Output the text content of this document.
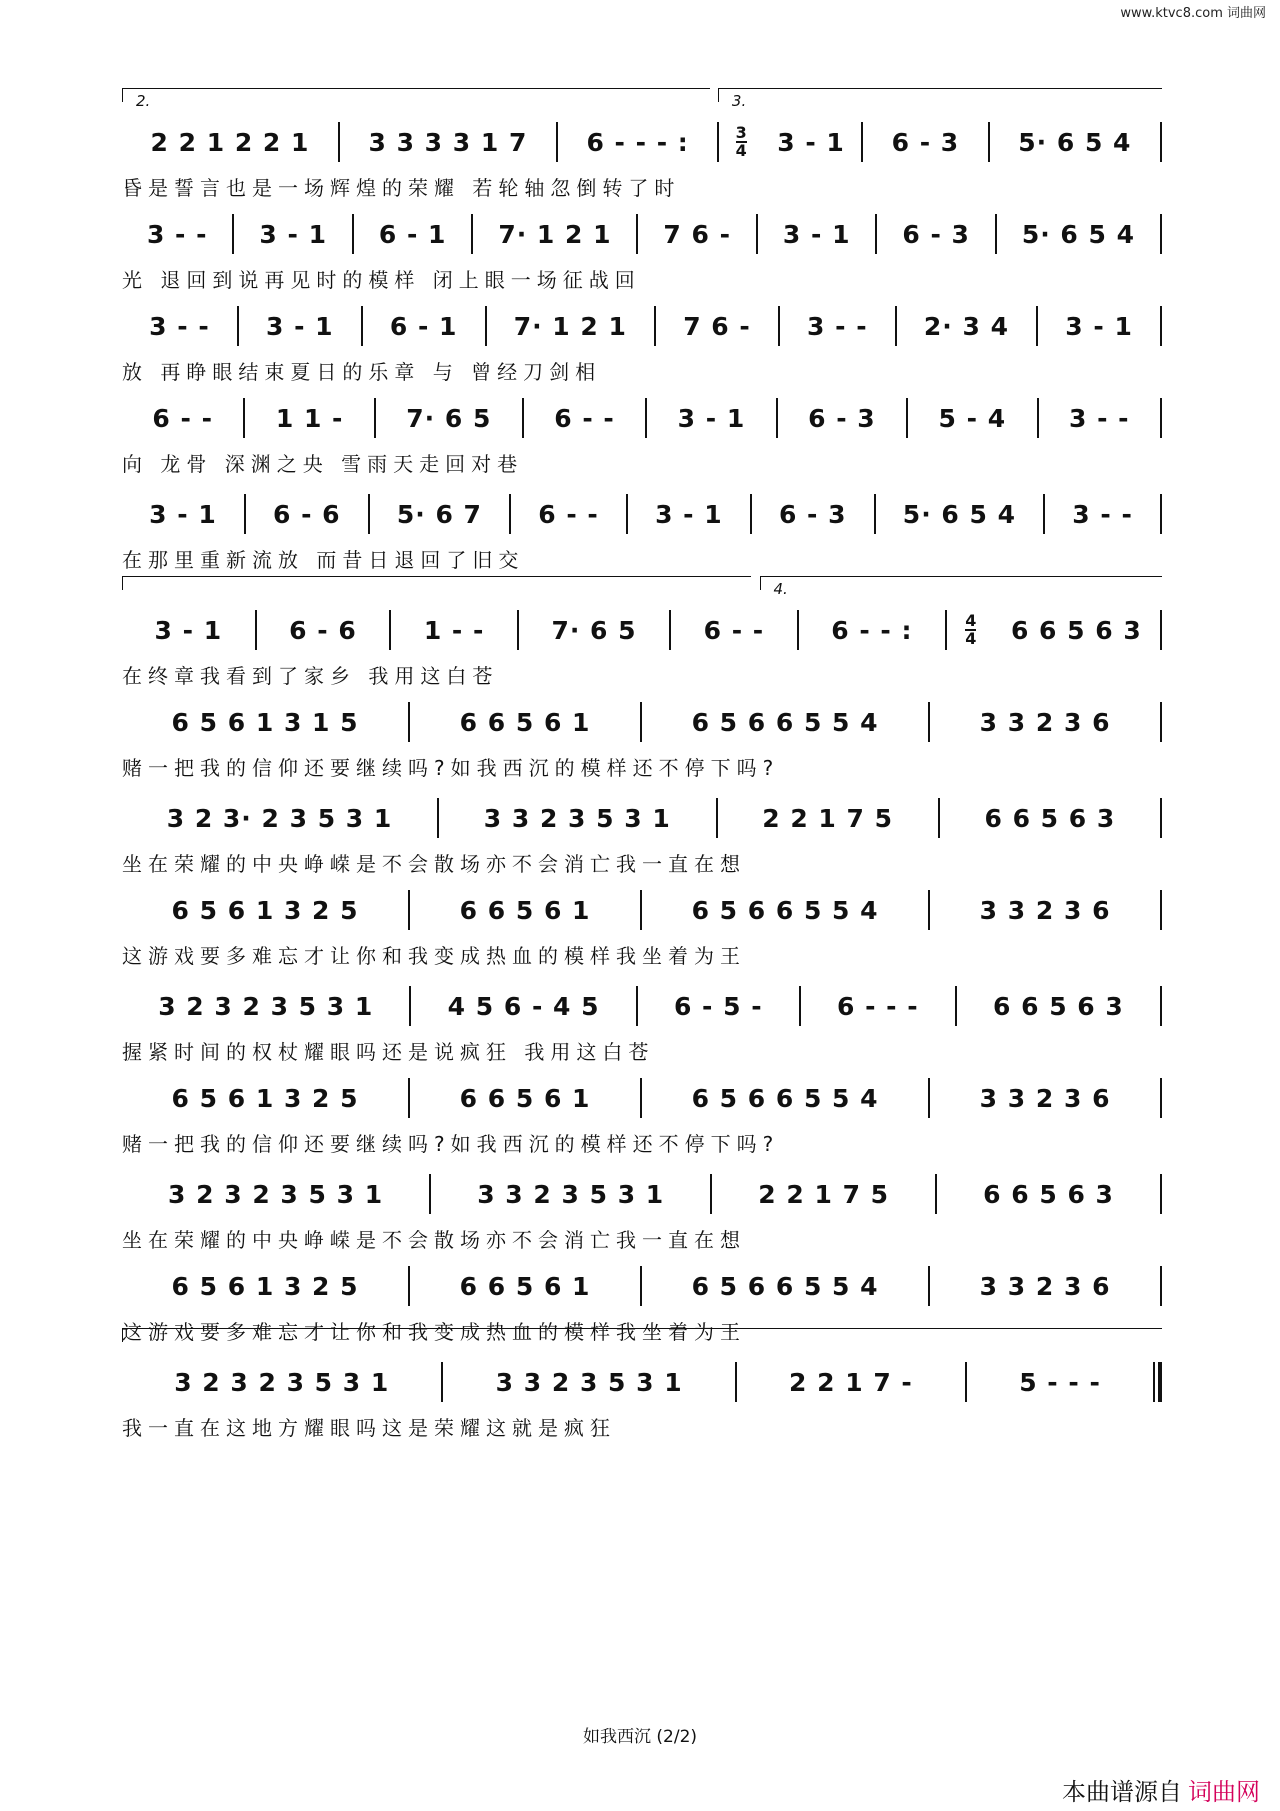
www.ktvc8.com 词曲网
2.	3.
2 2 1 2 2 1 3 3 3 3 1 7 6 - - - :	$\frac{3}{4} 3 - 1$ 6 - 3 5· 6 5 4
昏是誓言也是一场辉煌的荣耀 若轮轴忽倒转了时
3 - - 3 - 1 6 - 1 7· 1 2 1 7 6 - 3 - 1 6 - 3 5· 6 5 4
光 退回到说再见时的模样 闭上眼一场征战回
3 - - 3 - 1 6 - 1 7· 1 2 1 7 6 - 3 - - 2· 3 4 3 - 1
放 再睁眼结束夏日的乐章 与 曾经刀剑相
6 - -	1 1 -	7· 6 5	6 - -	3 - 1	6 - 3	5 - 4	3 - -
向 龙骨 深渊之央 雪雨天走回对巷
3 - 1 6 - 6 5· 6 7 6 - - 3 - 1 6 - 3 5· 6 5 4 3 - -
在那里重新流放 而昔日退回了旧交
4.
3 - 1	6 - 6	1 - -	7· 6 5	6 - -	6 - - :	$\frac{4}{4} 6$ 6 5 6 3
在终章我看到了家乡 我用这白苍
6 5 6 1 3 1 5	6 6 5 6 1	6 5 6 6 5 5 4	3 3 2 3 6
赌一把我的信仰还要继续吗?如我西沉的模样还不停下吗?
3 2 3· 2 3 5 3 1	3 3 2 3 5 3 1	2 2 1 7 5	6 6 5 6 3
坐在荣耀的中央峥嵘是不会散场亦不会消亡我一直在想
6 5 6 1 3 2 5	6 6 5 6 1	6 5 6 6 5 5 4	3 3 2 3 6
这游戏要多难忘才让你和我变成热血的模样我坐着为王
3 2 3 2 3 5 3 1	4 5 6 - 4 5	6 - 5 -	6 - - -	6 6 5 6 3
握紧时间的权杖耀眼吗还是说疯狂 我用这白苍
6 5 6 1 3 2 5	6 6 5 6 1	6 5 6 6 5 5 4	3 3 2 3 6
赌一把我的信仰还要继续吗?如我西沉的模样还不停下吗?
3 2 3 2 3 5 3 1	3 3 2 3 5 3 1	2 2 1 7 5	6 6 5 6 3
坐在荣耀的中央峥嵘是不会散场亦不会消亡我一直在想
6 5 6 1 3 2 5	6 6 5 6 1	6 5 6 6 5 5 4	3 3 2 3 6
这游戏要多难忘才让你和我变成热血的模样我坐着为王
3 2 3 2 3 5 3 1	3 3 2 3 5 3 1	2 2 1 7 -	5 - - -
我一直在这地方耀眼吗这是荣耀这就是疯狂
如我西沉 (2/2)
本曲谱源自 词曲网
